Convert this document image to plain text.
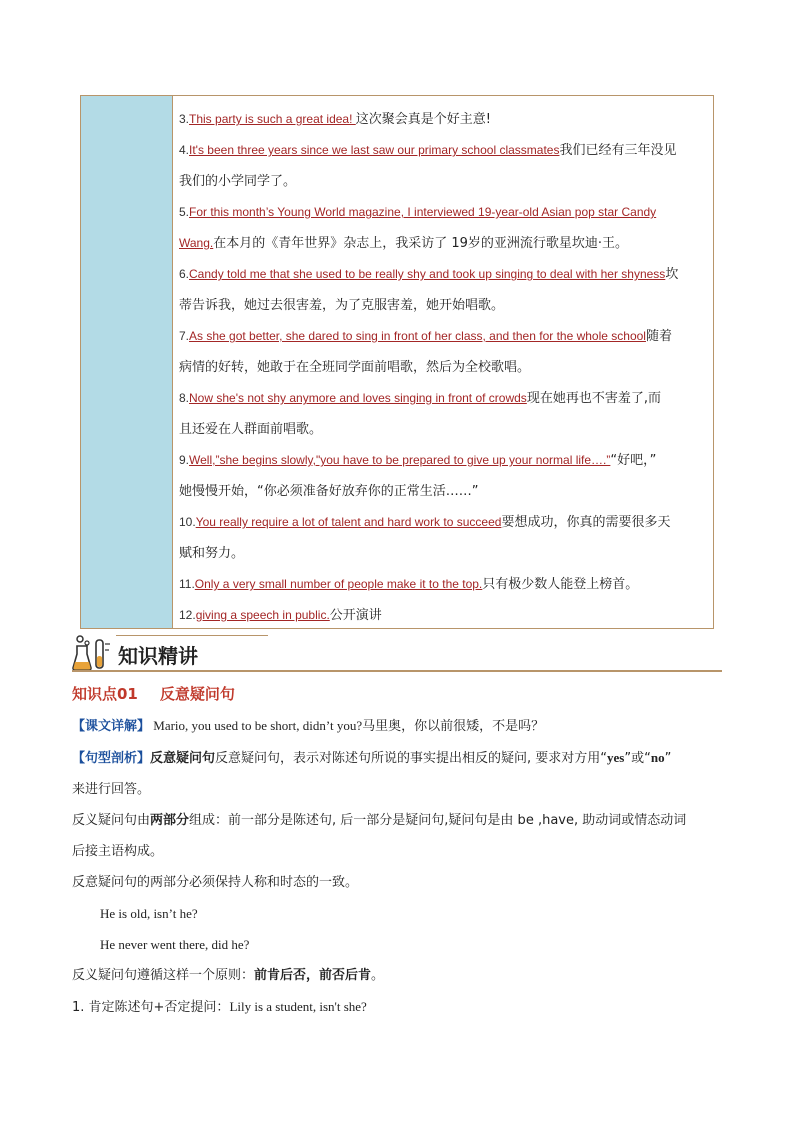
3.This party is such a great idea! 这次聚会真是个好主意!
4.It's been three years since we last saw our primary school classmates我们已经有三年没见
我们的小学同学了。
5.For this month’s Young World magazine, I interviewed 19-year-old Asian pop star Candy
Wang.在本月的《青年世界》杂志上，我采访了 19岁的亚洲流行歌星坎迪·王。
6.Candy told me that she used to be really shy and took up singing to deal with her shyness坎
蒂告诉我，她过去很害羞，为了克服害羞，她开始唱歌。
7.As she got better, she dared to sing in front of her class, and then for the whole school随着
病情的好转，她敢于在全班同学面前唱歌，然后为全校歌唱。
8.Now she's not shy anymore and loves singing in front of crowds现在她再也不害羞了,而
且还爱在人群面前唱歌。
9.Well,”she begins slowly,"you have to be prepared to give up your normal life….”“好吧，”
她慢慢开始，“你必须准备好放弃你的正常生活……”
10.You really require a lot of talent and hard work to succeed要想成功，你真的需要很多天
赋和努力。
11.Only a very small number of people make it to the top.只有极少数人能登上榜首。
12.giving a speech in public.公开演讲
知识精讲
知识点01 反意疑问句
【课文详解】 Mario, you used to be short, didn’t you?马里奥，你以前很矮，不是吗？
【句型剖析】反意疑问句反意疑问句，表示对陈述句所说的事实提出相反的疑问, 要求对方用“yes”或“no”
来进行回答。
反义疑问句由两部分组成：前一部分是陈述句, 后一部分是疑问句,疑问句是由 be ,have, 助动词或情态动词
后接主语构成。
反意疑问句的两部分必须保持人称和时态的一致。
He is old, isn’t he?
He never went there, did he?
反义疑问句遵循这样一个原则：前肯后否，前否后肯。
1. 肯定陈述句+否定提问：Lily is a student, isn't she?
